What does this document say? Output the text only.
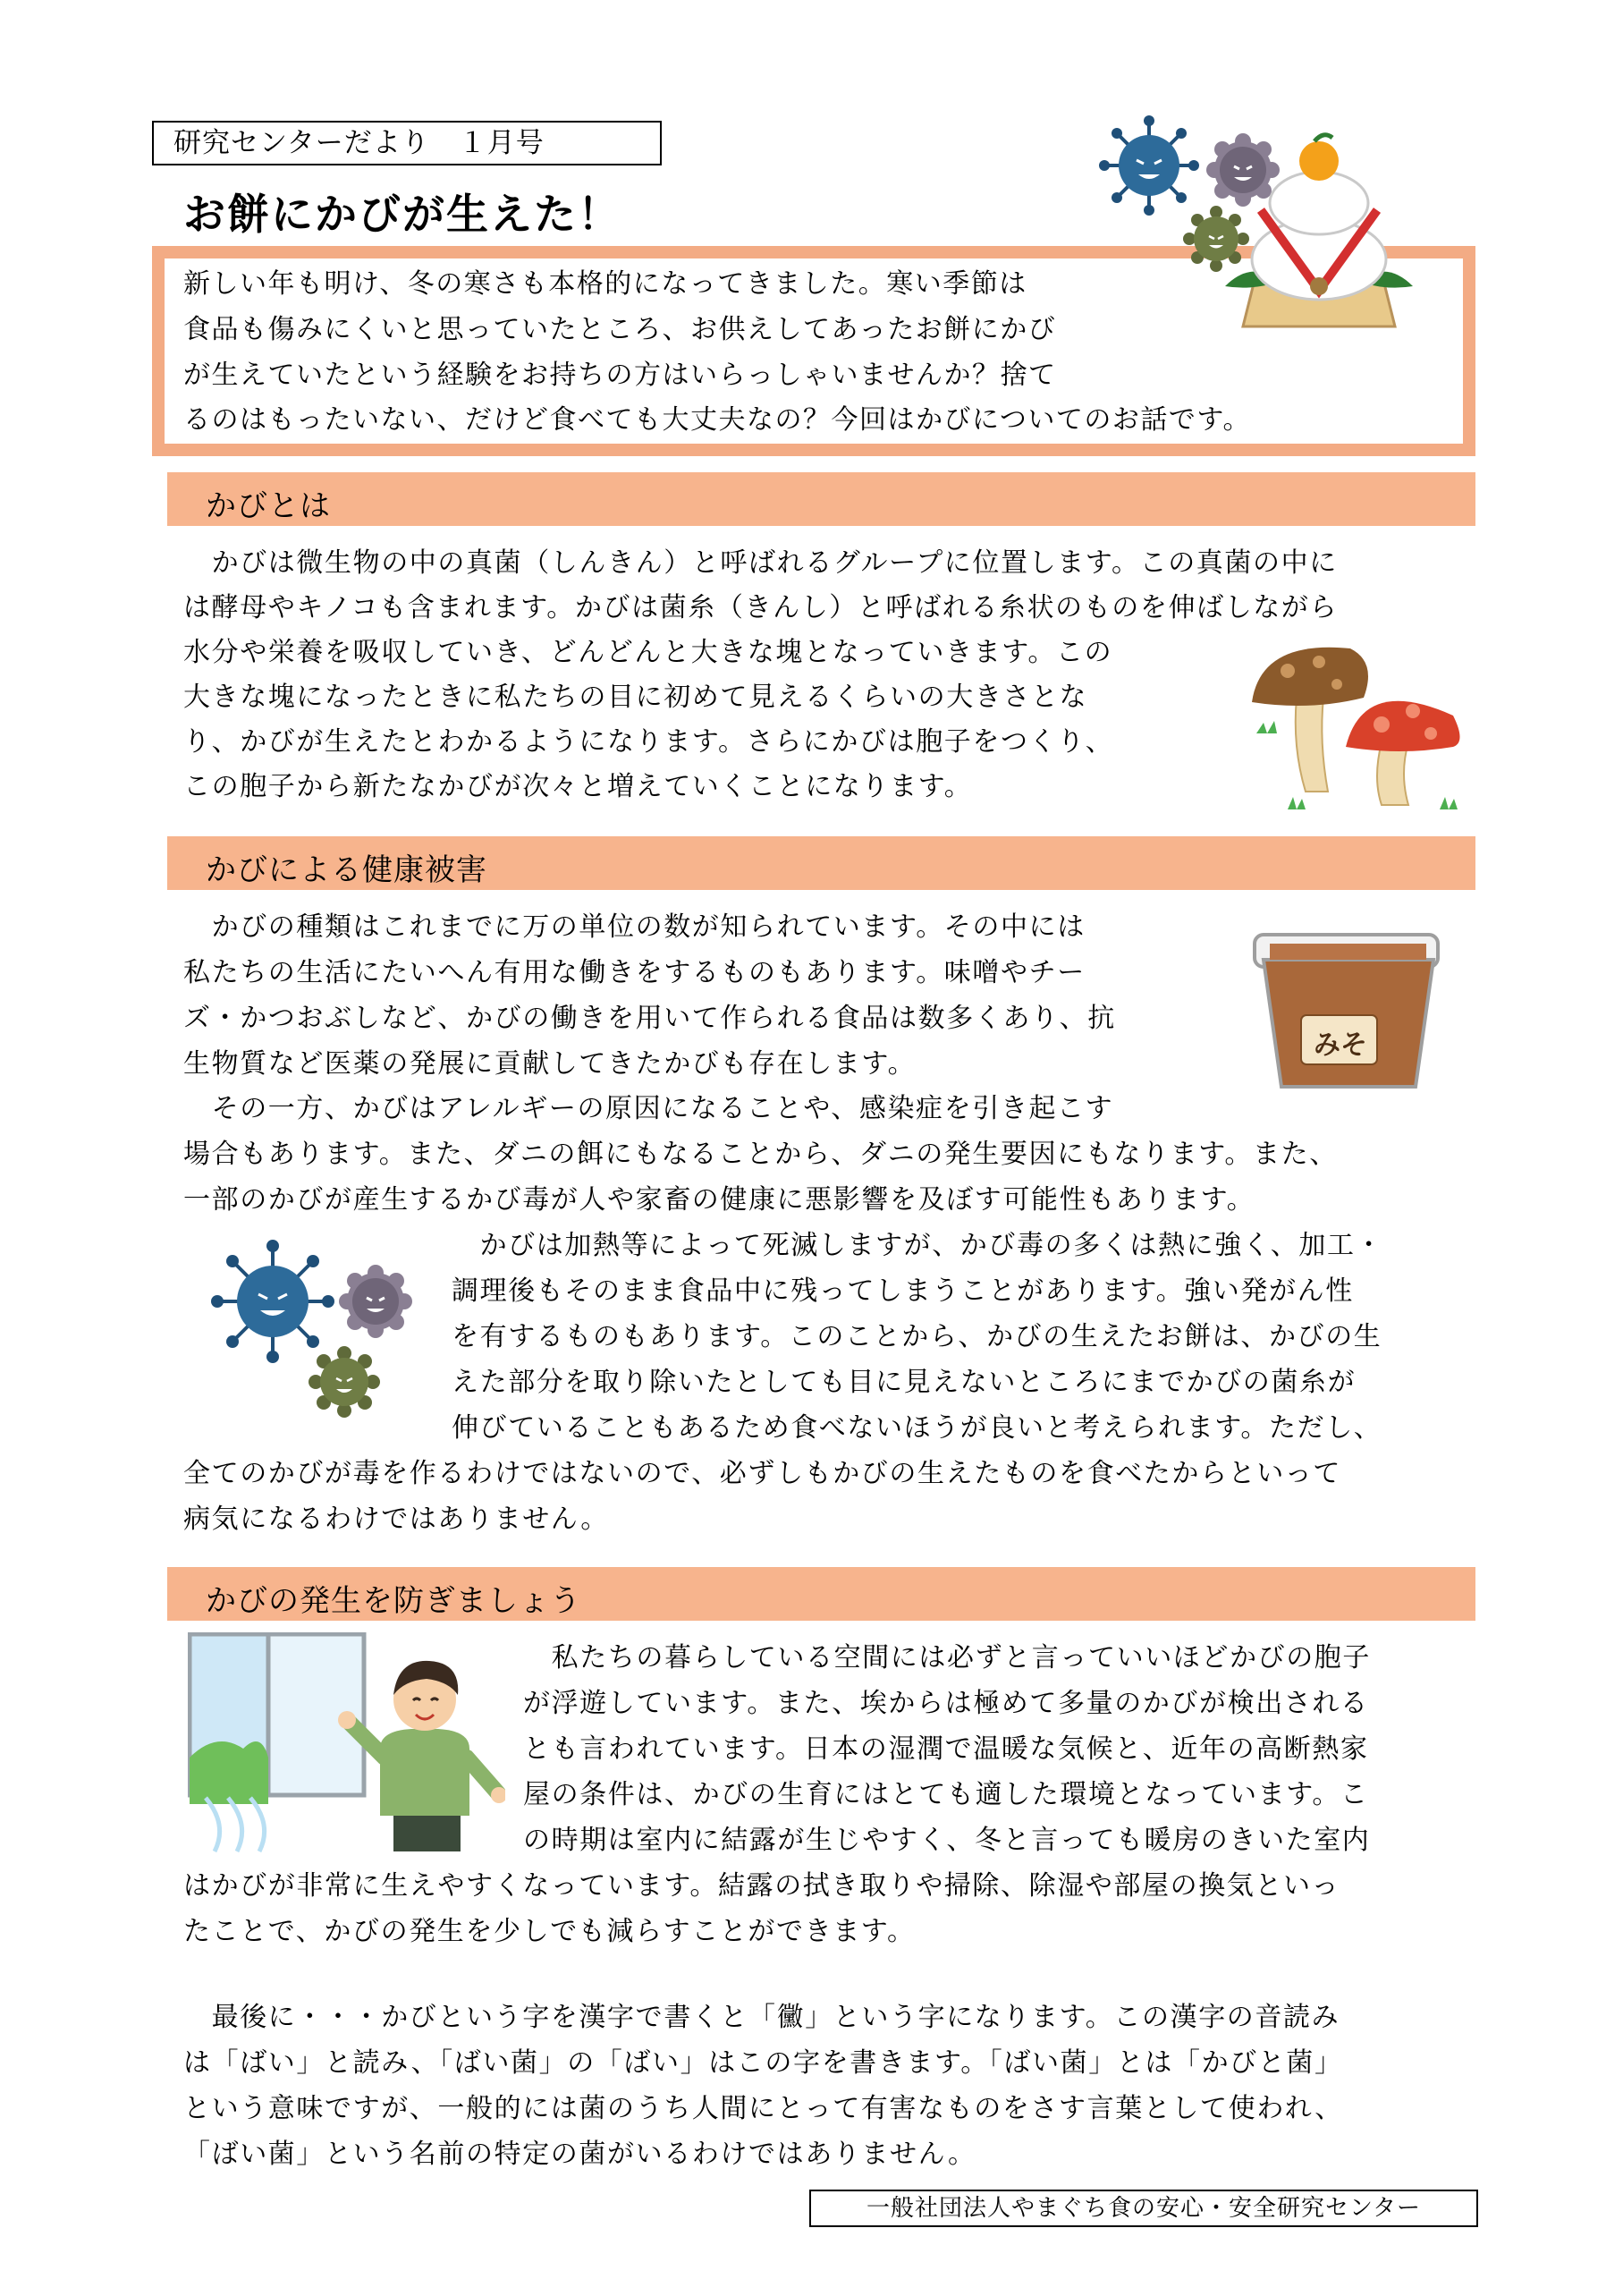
研究センターだより　１月号
お餅にかびが生えた！
新しい年も明け、冬の寒さも本格的になってきました。寒い季節は
食品も傷みにくいと思っていたところ、お供えしてあったお餅にかび
が生えていたという経験をお持ちの方はいらっしゃいませんか？捨て
るのはもったいない、だけど食べても大丈夫なの？今回はかびについてのお話です。
かびとは
　かびは微生物の中の真菌（しんきん）と呼ばれるグループに位置します。この真菌の中に
は酵母やキノコも含まれます。かびは菌糸（きんし）と呼ばれる糸状のものを伸ばしながら
水分や栄養を吸収していき、どんどんと大きな塊となっていきます。この
大きな塊になったときに私たちの目に初めて見えるくらいの大きさとな
り、かびが生えたとわかるようになります。さらにかびは胞子をつくり、
この胞子から新たなかびが次々と増えていくことになります。
かびによる健康被害
　かびの種類はこれまでに万の単位の数が知られています。その中には
私たちの生活にたいへん有用な働きをするものもあります。味噌やチー
ズ・かつおぶしなど、かびの働きを用いて作られる食品は数多くあり、抗
生物質など医薬の発展に貢献してきたかびも存在します。
　その一方、かびはアレルギーの原因になることや、感染症を引き起こす
場合もあります。また、ダニの餌にもなることから、ダニの発生要因にもなります。また、
一部のかびが産生するかび毒が人や家畜の健康に悪影響を及ぼす可能性もあります。
　かびは加熱等によって死滅しますが、かび毒の多くは熱に強く、加工・
調理後もそのまま食品中に残ってしまうことがあります。強い発がん性
を有するものもあります。このことから、かびの生えたお餅は、かびの生
えた部分を取り除いたとしても目に見えないところにまでかびの菌糸が
伸びていることもあるため食べないほうが良いと考えられます。ただし、
全てのかびが毒を作るわけではないので、必ずしもかびの生えたものを食べたからといって
病気になるわけではありません。
みそ
かびの発生を防ぎましょう
　私たちの暮らしている空間には必ずと言っていいほどかびの胞子
が浮遊しています。また、埃からは極めて多量のかびが検出される
とも言われています。日本の湿潤で温暖な気候と、近年の高断熱家
屋の条件は、かびの生育にはとても適した環境となっています。こ
の時期は室内に結露が生じやすく、冬と言っても暖房のきいた室内
はかびが非常に生えやすくなっています。結露の拭き取りや掃除、除湿や部屋の換気といっ
たことで、かびの発生を少しでも減らすことができます。
　最後に・・・かびという字を漢字で書くと「黴」という字になります。この漢字の音読み
は「ばい」と読み、「ばい菌」の「ばい」はこの字を書きます。「ばい菌」とは「かびと菌」
という意味ですが、一般的には菌のうち人間にとって有害なものをさす言葉として使われ、
「ばい菌」という名前の特定の菌がいるわけではありません。
一般社団法人やまぐち食の安心・安全研究センター
